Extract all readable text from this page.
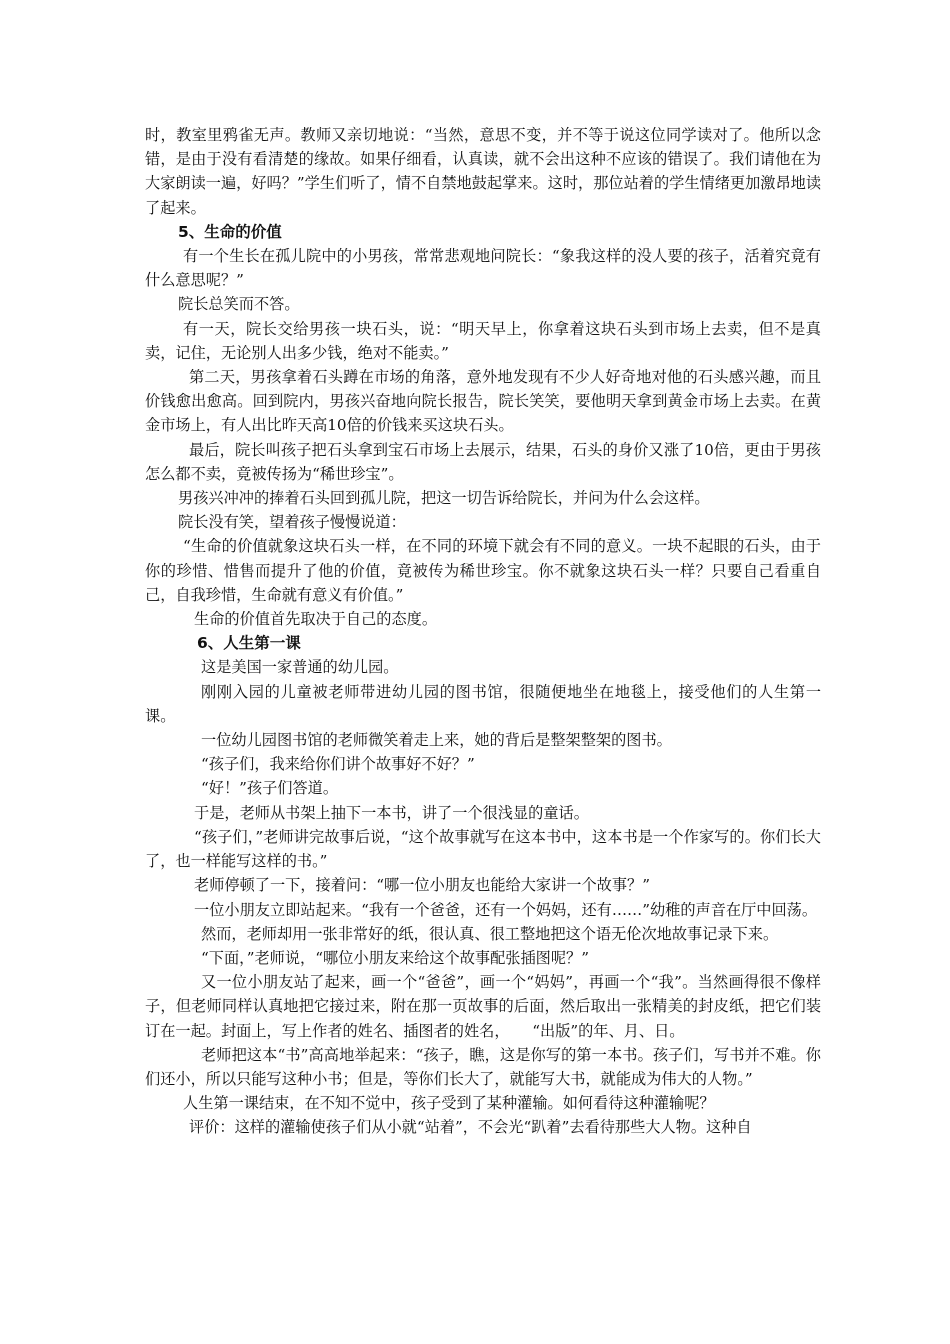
时，教室里鸦雀无声。教师又亲切地说：“当然，意思不变，并不等于说这位同学读对了。他所以念错，是由于没有看清楚的缘故。如果仔细看，认真读，就不会出这种不应该的错误了。我们请他在为大家朗读一遍，好吗？”学生们听了，情不自禁地鼓起掌来。这时，那位站着的学生情绪更加激昂地读了起来。

5、生命的价值

有一个生长在孤儿院中的小男孩，常常悲观地问院长：“象我这样的没人要的孩子，活着究竟有什么意思呢？”

院长总笑而不答。

有一天，院长交给男孩一块石头，说：“明天早上，你拿着这块石头到市场上去卖，但不是真卖，记住，无论别人出多少钱，绝对不能卖。”

第二天，男孩拿着石头蹲在市场的角落，意外地发现有不少人好奇地对他的石头感兴趣，而且价钱愈出愈高。回到院内，男孩兴奋地向院长报告，院长笑笑，要他明天拿到黄金市场上去卖。在黄金市场上，有人出比昨天高10倍的价钱来买这块石头。

最后，院长叫孩子把石头拿到宝石市场上去展示，结果，石头的身价又涨了10倍，更由于男孩怎么都不卖，竟被传扬为“稀世珍宝”。

男孩兴冲冲的捧着石头回到孤儿院，把这一切告诉给院长，并问为什么会这样。

院长没有笑，望着孩子慢慢说道：

“生命的价值就象这块石头一样，在不同的环境下就会有不同的意义。一块不起眼的石头，由于你的珍惜、惜售而提升了他的价值，竟被传为稀世珍宝。你不就象这块石头一样？只要自己看重自己，自我珍惜，生命就有意义有价值。”

生命的价值首先取决于自己的态度。

6、人生第一课

这是美国一家普通的幼儿园。

刚刚入园的儿童被老师带进幼儿园的图书馆，很随便地坐在地毯上，接受他们的人生第一课。

一位幼儿园图书馆的老师微笑着走上来，她的背后是整架整架的图书。

“孩子们，我来给你们讲个故事好不好？”

“好！”孩子们答道。

于是，老师从书架上抽下一本书，讲了一个很浅显的童话。

“孩子们，”老师讲完故事后说，“这个故事就写在这本书中，这本书是一个作家写的。你们长大了，也一样能写这样的书。”

老师停顿了一下，接着问：“哪一位小朋友也能给大家讲一个故事？”

一位小朋友立即站起来。“我有一个爸爸，还有一个妈妈，还有……”幼稚的声音在厅中回荡。

然而，老师却用一张非常好的纸，很认真、很工整地把这个语无伦次地故事记录下来。

“下面，”老师说，“哪位小朋友来给这个故事配张插图呢？”

又一位小朋友站了起来，画一个“爸爸”，画一个“妈妈”，再画一个“我”。当然画得很不像样子，但老师同样认真地把它接过来，附在那一页故事的后面，然后取出一张精美的封皮纸，把它们装订在一起。封面上，写上作者的姓名、插图者的姓名，　　“出版”的年、月、日。

老师把这本“书”高高地举起来：“孩子，瞧，这是你写的第一本书。孩子们，写书并不难。你们还小，所以只能写这种小书；但是，等你们长大了，就能写大书，就能成为伟大的人物。”

人生第一课结束，在不知不觉中，孩子受到了某种灌输。如何看待这种灌输呢？

评价：这样的灌输使孩子们从小就“站着”，不会光“趴着”去看待那些大人物。这种自
